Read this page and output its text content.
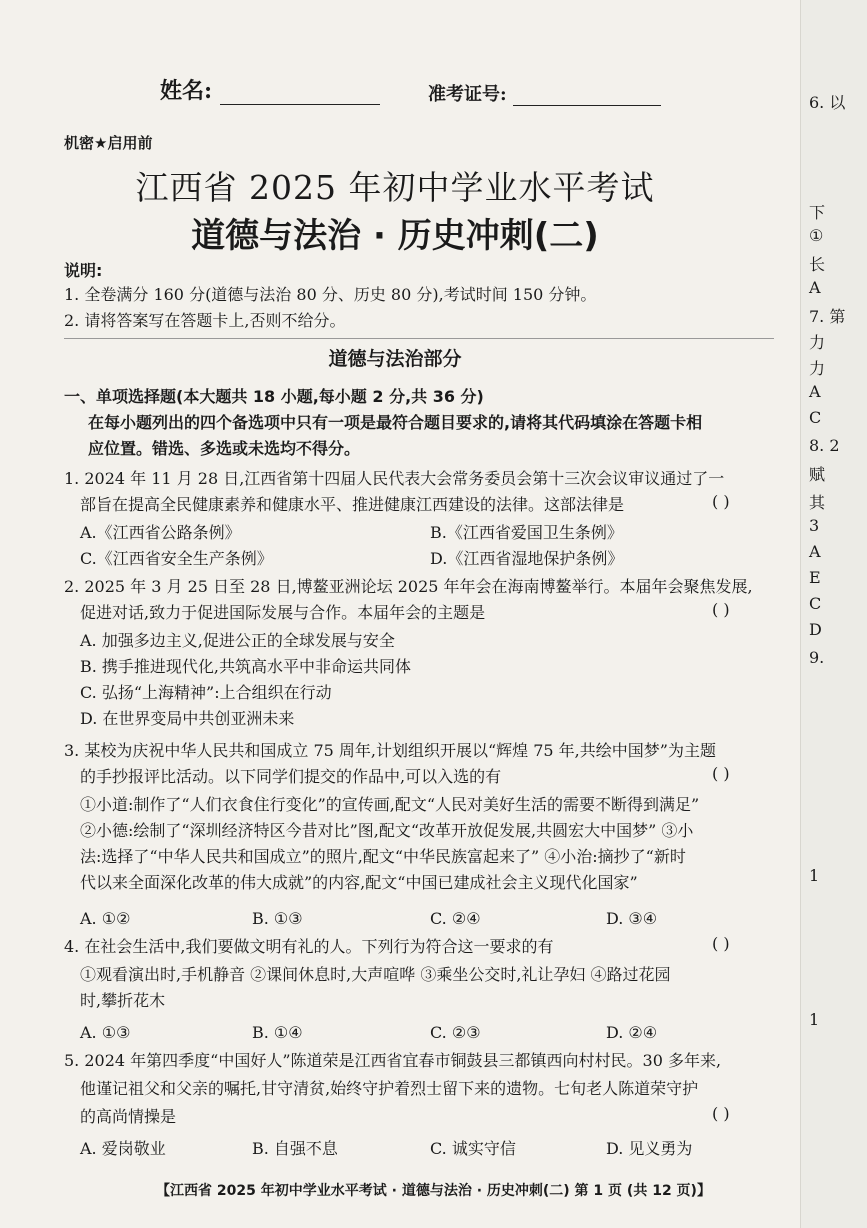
姓名:	准考证号:
机密★启用前
江西省 2025 年初中学业水平考试
道德与法治 · 历史冲刺(二)
说明:
1. 全卷满分 160 分(道德与法治 80 分、历史 80 分),考试时间 150 分钟。
2. 请将答案写在答题卡上,否则不给分。
道德与法治部分
一、单项选择题(本大题共 18 小题,每小题 2 分,共 36 分)
在每小题列出的四个备选项中只有一项是最符合题目要求的,请将其代码填涂在答题卡相
应位置。错选、多选或未选均不得分。
1. 2024 年 11 月 28 日,江西省第十四届人民代表大会常务委员会第十三次会议审议通过了一
部旨在提高全民健康素养和健康水平、推进健康江西建设的法律。这部法律是	( )
A.《江西省公路条例》	B.《江西省爱国卫生条例》
C.《江西省安全生产条例》	D.《江西省湿地保护条例》
2. 2025 年 3 月 25 日至 28 日,博鳌亚洲论坛 2025 年年会在海南博鳌举行。本届年会聚焦发展,
促进对话,致力于促进国际发展与合作。本届年会的主题是	( )
A. 加强多边主义,促进公正的全球发展与安全
B. 携手推进现代化,共筑高水平中非命运共同体
C. 弘扬“上海精神”:上合组织在行动
D. 在世界变局中共创亚洲未来
3. 某校为庆祝中华人民共和国成立 75 周年,计划组织开展以“辉煌 75 年,共绘中国梦”为主题
的手抄报评比活动。以下同学们提交的作品中,可以入选的有	( )
①小道:制作了“人们衣食住行变化”的宣传画,配文“人民对美好生活的需要不断得到满足”
②小德:绘制了“深圳经济特区今昔对比”图,配文“改革开放促发展,共圆宏大中国梦” ③小
法:选择了“中华人民共和国成立”的照片,配文“中华民族富起来了” ④小治:摘抄了“新时
代以来全面深化改革的伟大成就”的内容,配文“中国已建成社会主义现代化国家”
A. ①②	B. ①③	C. ②④	D. ③④
4. 在社会生活中,我们要做文明有礼的人。下列行为符合这一要求的有	( )
①观看演出时,手机静音 ②课间休息时,大声喧哗 ③乘坐公交时,礼让孕妇 ④路过花园
时,攀折花木
A. ①③	B. ①④	C. ②③	D. ②④
5. 2024 年第四季度“中国好人”陈道荣是江西省宜春市铜鼓县三都镇西向村村民。30 多年来,
他谨记祖父和父亲的嘱托,甘守清贫,始终守护着烈士留下来的遗物。七旬老人陈道荣守护
的高尚情操是	( )
A. 爱岗敬业	B. 自强不息	C. 诚实守信	D. 见义勇为
【江西省 2025 年初中学业水平考试 · 道德与法治 · 历史冲刺(二) 第 1 页 (共 12 页)】
6. 以
下
①
长
A
7. 第
力
力
A
C
8. 2
赋
其
3
A
E
C
D
9.
1
1
